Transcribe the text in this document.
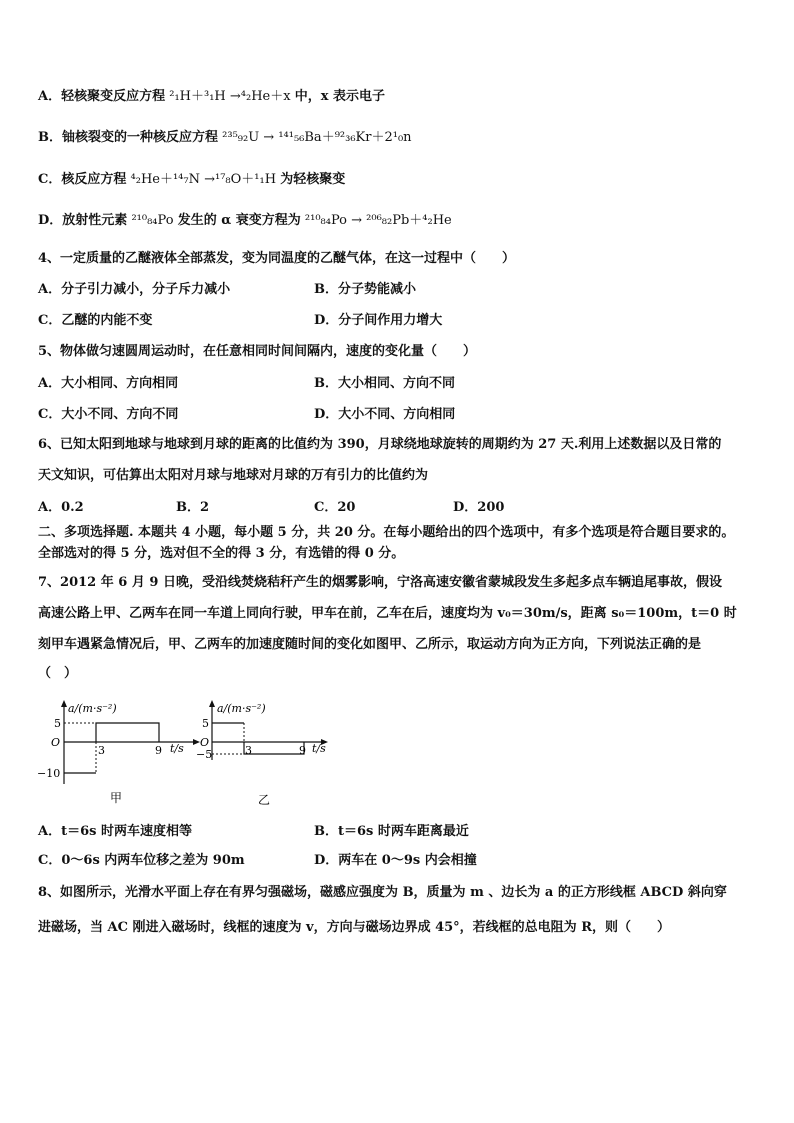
A．轻核聚变反应方程 ²₁H＋³₁H →⁴₂He＋x 中，x 表示电子
B．铀核裂变的一种核反应方程 ²³⁵₉₂U → ¹⁴¹₅₆Ba＋⁹²₃₆Kr＋2¹₀n
C．核反应方程 ⁴₂He＋¹⁴₇N →¹⁷₈O＋¹₁H 为轻核聚变
D．放射性元素 ²¹⁰₈₄Po 发生的 α 衰变方程为 ²¹⁰₈₄Po → ²⁰⁶₈₂Pb＋⁴₂He
4、一定质量的乙醚液体全部蒸发，变为同温度的乙醚气体，在这一过程中（　　）
A．分子引力减小，分子斥力减小	B．分子势能减小
C．乙醚的内能不变	D．分子间作用力增大
5、物体做匀速圆周运动时，在任意相同时间间隔内，速度的变化量（　　）
A．大小相同、方向相同	B．大小相同、方向不同
C．大小不同、方向不同	D．大小不同、方向相同
6、已知太阳到地球与地球到月球的距离的比值约为 390，月球绕地球旋转的周期约为 27 天.利用上述数据以及日常的
天文知识，可估算出太阳对月球与地球对月球的万有引力的比值约为
A．0.2	B．2	C．20	D．200
二、多项选择题. 本题共 4 小题，每小题 5 分，共 20 分。在每小题给出的四个选项中，有多个选项是符合题目要求的。
全部选对的得 5 分，选对但不全的得 3 分，有选错的得 0 分。
7、2012 年 6 月 9 日晚，受沿线焚烧秸秆产生的烟雾影响，宁洛高速安徽省蒙城段发生多起多点车辆追尾事故，假设
高速公路上甲、乙两车在同一车道上同向行驶，甲车在前，乙车在后，速度均为 v₀＝30m/s，距离 s₀＝100m，t＝0 时
刻甲车遇紧急情况后，甲、乙两车的加速度随时间的变化如图甲、乙所示，取运动方向为正方向，下列说法正确的是
（　）
a/(m·s⁻²)
5
O
−10
3	9 t/s
甲
a/(m·s⁻²)
5
O
−5	3	9 t/s
乙
A．t＝6s 时两车速度相等	B．t＝6s 时两车距离最近
C．0～6s 内两车位移之差为 90m	D．两车在 0～9s 内会相撞
8、如图所示，光滑水平面上存在有界匀强磁场，磁感应强度为 B，质量为 m 、边长为 a 的正方形线框 ABCD 斜向穿
进磁场，当 AC 刚进入磁场时，线框的速度为 v，方向与磁场边界成 45°，若线框的总电阻为 R，则（　　）
